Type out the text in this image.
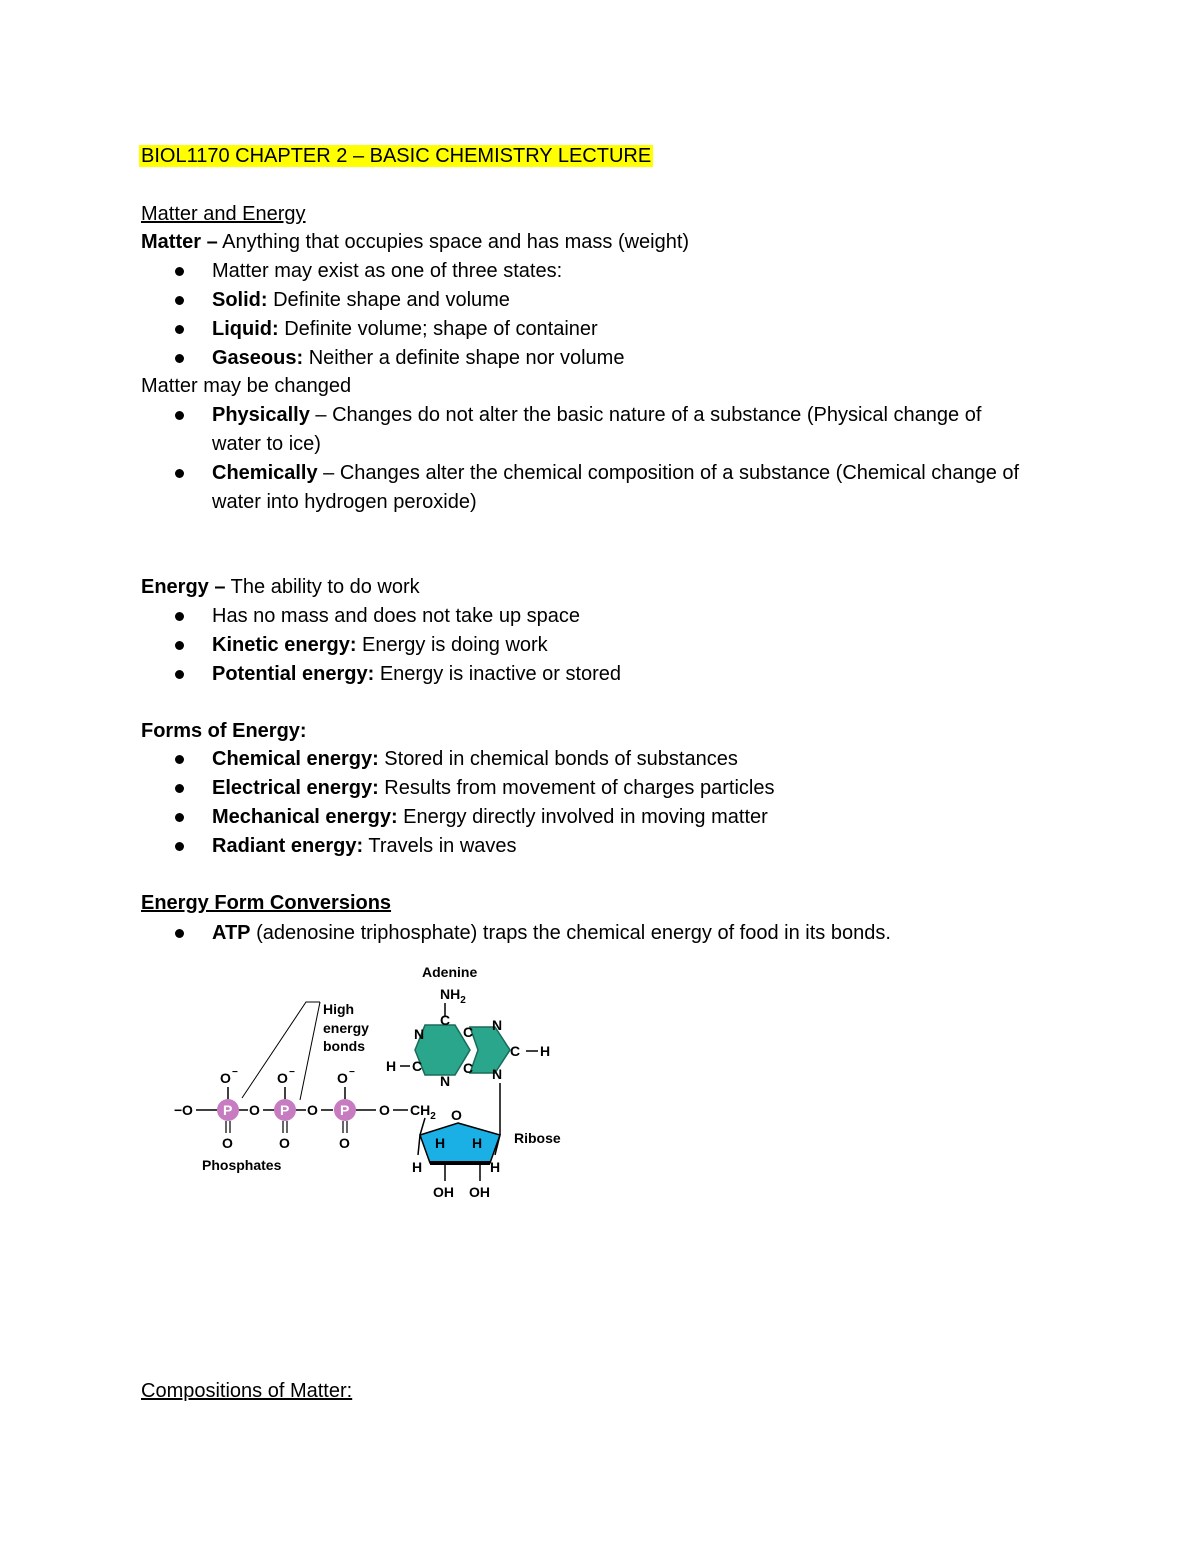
BIOL1170 CHAPTER 2 – BASIC CHEMISTRY LECTURE
Matter and Energy
Matter – Anything that occupies space and has mass (weight)
Matter may exist as one of three states:
Solid: Definite shape and volume
Liquid: Definite volume; shape of container
Gaseous: Neither a definite shape nor volume
Matter may be changed
Physically – Changes do not alter the basic nature of a substance (Physical change of water to ice)
Chemically – Changes alter the chemical composition of a substance (Chemical change of water into hydrogen peroxide)
Energy – The ability to do work
Has no mass and does not take up space
Kinetic energy: Energy is doing work
Potential energy: Energy is inactive or stored
Forms of Energy:
Chemical energy: Stored in chemical bonds of substances
Electrical energy: Results from movement of charges particles
Mechanical energy: Energy directly involved in moving matter
Radiant energy: Travels in waves
Energy Form Conversions
ATP (adenosine triphosphate) traps the chemical energy of food in its bonds.
Adenine
$NH_2$
C
N	C N
C H
N
C
N
C
H
High
energy
bonds
− O P
O −
O
O P
O −
O
O P
O −
O
O $CH_2$
Phosphates
O
H H
H	H
OH OH
Ribose
Compositions of Matter:
